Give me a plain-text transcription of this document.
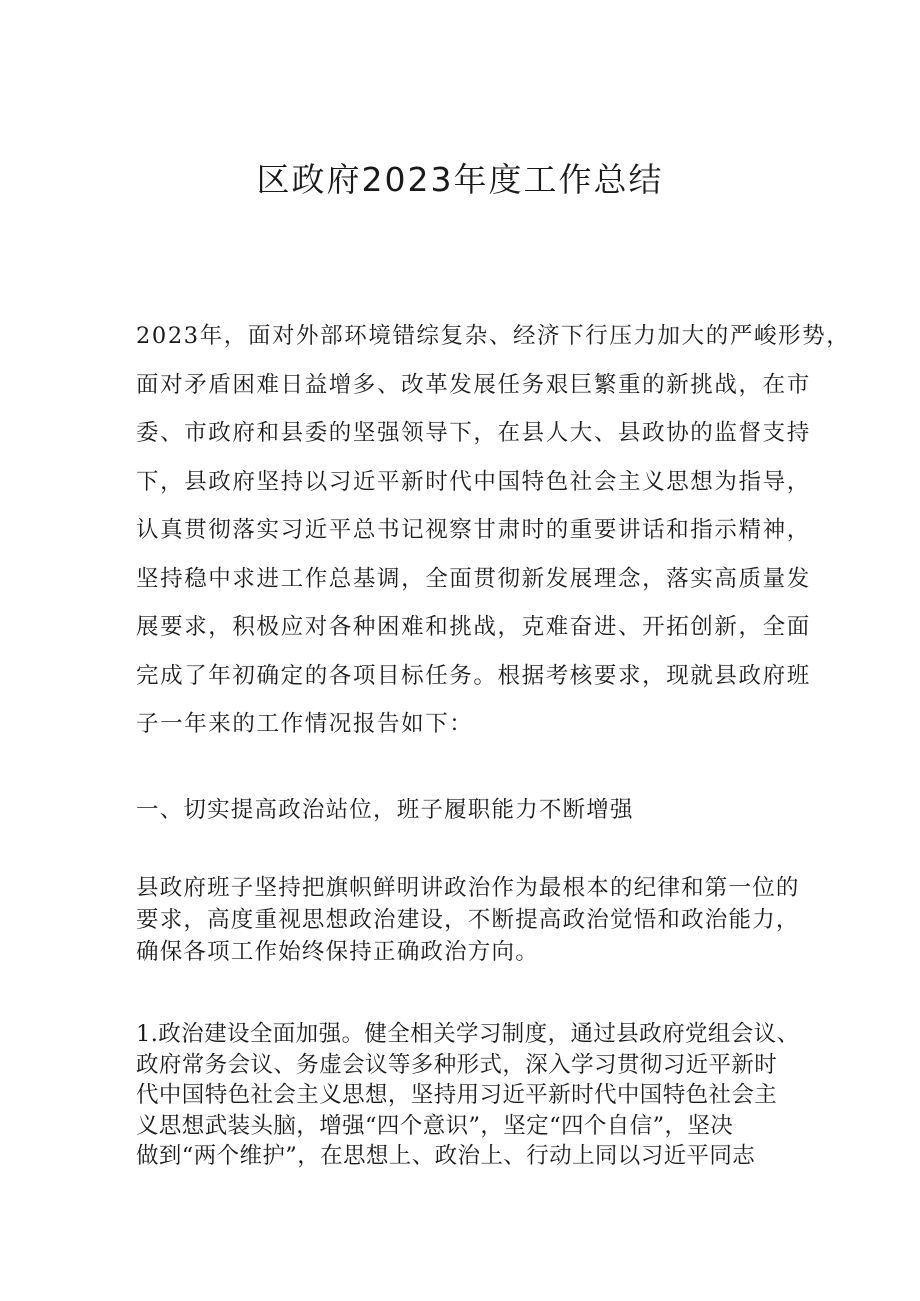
区政府2023年度工作总结

2023年，面对外部环境错综复杂、经济下行压力加大的严峻形势，
面对矛盾困难日益增多、改革发展任务艰巨繁重的新挑战，在市
委、市政府和县委的坚强领导下，在县人大、县政协的监督支持
下，县政府坚持以习近平新时代中国特色社会主义思想为指导，
认真贯彻落实习近平总书记视察甘肃时的重要讲话和指示精神，
坚持稳中求进工作总基调，全面贯彻新发展理念，落实高质量发
展要求，积极应对各种困难和挑战，克难奋进、开拓创新，全面
完成了年初确定的各项目标任务。根据考核要求，现就县政府班
子一年来的工作情况报告如下：

一、切实提高政治站位，班子履职能力不断增强

县政府班子坚持把旗帜鲜明讲政治作为最根本的纪律和第一位的
要求，高度重视思想政治建设，不断提高政治觉悟和政治能力，
确保各项工作始终保持正确政治方向。

1.政治建设全面加强。健全相关学习制度，通过县政府党组会议、
政府常务会议、务虚会议等多种形式，深入学习贯彻习近平新时
代中国特色社会主义思想，坚持用习近平新时代中国特色社会主
义思想武装头脑，增强“四个意识”，坚定“四个自信”，坚决
做到“两个维护”，在思想上、政治上、行动上同以习近平同志
